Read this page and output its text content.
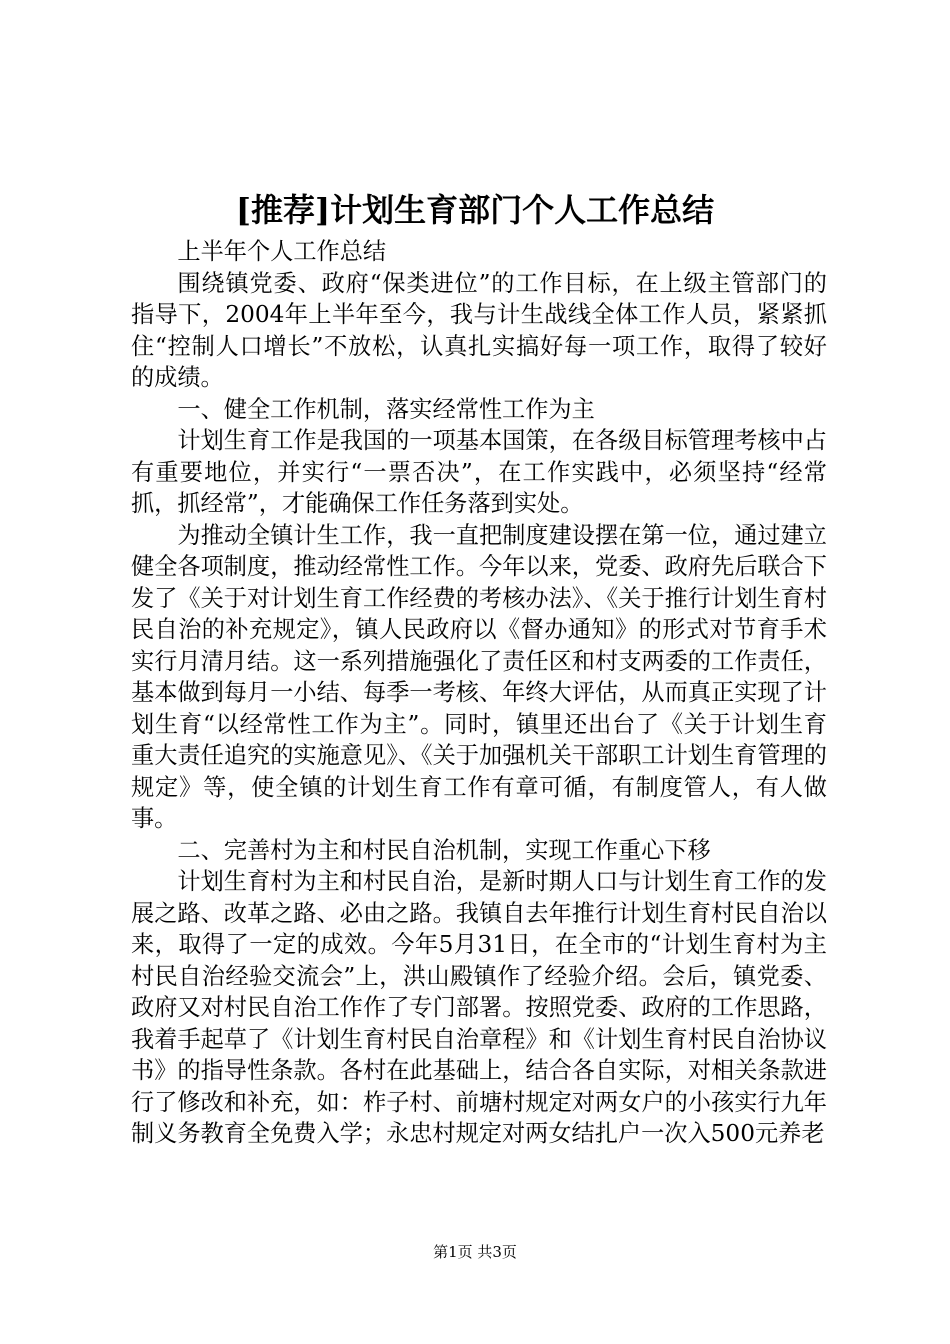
[推荐]计划生育部门个人工作总结

上半年个人工作总结

围绕镇党委、政府“保类进位”的工作目标，在上级主管部门的指导下，2004年上半年至今，我与计生战线全体工作人员，紧紧抓住“控制人口增长”不放松，认真扎实搞好每一项工作，取得了较好的成绩。

一、健全工作机制，落实经常性工作为主

计划生育工作是我国的一项基本国策，在各级目标管理考核中占有重要地位，并实行“一票否决”，在工作实践中，必须坚持“经常抓，抓经常”，才能确保工作任务落到实处。

为推动全镇计生工作，我一直把制度建设摆在第一位，通过建立健全各项制度，推动经常性工作。今年以来，党委、政府先后联合下发了《关于对计划生育工作经费的考核办法》、《关于推行计划生育村民自治的补充规定》，镇人民政府以《督办通知》的形式对节育手术实行月清月结。这一系列措施强化了责任区和村支两委的工作责任，基本做到每月一小结、每季一考核、年终大评估，从而真正实现了计划生育“以经常性工作为主”。同时，镇里还出台了《关于计划生育重大责任追究的实施意见》、《关于加强机关干部职工计划生育管理的规定》等，使全镇的计划生育工作有章可循，有制度管人，有人做事。

二、完善村为主和村民自治机制，实现工作重心下移

计划生育村为主和村民自治，是新时期人口与计划生育工作的发展之路、改革之路、必由之路。我镇自去年推行计划生育村民自治以来，取得了一定的成效。今年5月31日，在全市的“计划生育村为主村民自治经验交流会”上，洪山殿镇作了经验介绍。会后，镇党委、政府又对村民自治工作作了专门部署。按照党委、政府的工作思路，我着手起草了《计划生育村民自治章程》和《计划生育村民自治协议书》的指导性条款。各村在此基础上，结合各自实际，对相关条款进行了修改和补充，如：柞子村、前塘村规定对两女户的小孩实行九年制义务教育全免费入学；永忠村规定对两女结扎户一次入500元养老

第1页 共3页
